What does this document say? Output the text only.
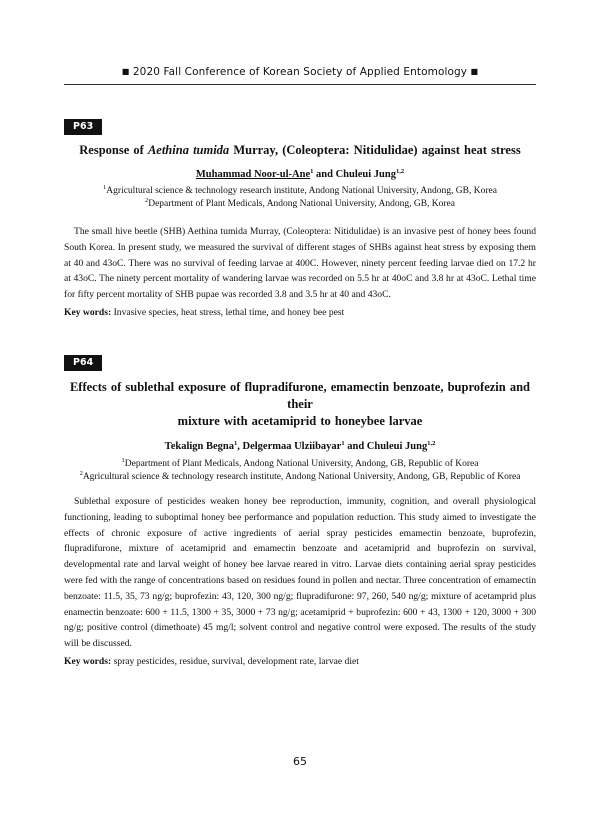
■ 2020 Fall Conference of Korean Society of Applied Entomology ■
P63
Response of Aethina tumida Murray, (Coleoptera: Nitidulidae) against heat stress
Muhammad Noor-ul-Ane$^1$ and Chuleui Jung$^{1,2}$
$^1$Agricultural science & technology research institute, Andong National University, Andong, GB, Korea
$^2$Department of Plant Medicals, Andong National University, Andong, GB, Korea
The small hive beetle (SHB) Aethina tumida Murray, (Coleoptera: Nitidulidae) is an invasive pest of honey bees found South Korea. In present study, we measured the survival of different stages of SHBs against heat stress by exposing them at 40 and 43oC. There was no survival of feeding larvae at 400C. However, ninety percent feeding larvae died on 17.2 hr at 43oC. The ninety percent mortality of wandering larvae was recorded on 5.5 hr at 40oC and 3.8 hr at 43oC. Lethal time for fifty percent mortality of SHB pupae was recorded 3.8 and 3.5 hr at 40 and 43oC.
Key words: Invasive species, heat stress, lethal time, and honey bee pest
P64
Effects of sublethal exposure of flupradifurone, emamectin benzoate, buprofezin and their
mixture with acetamiprid to honeybee larvae
Tekalign Begna$^1$, Delgermaa Ulziibayar$^1$ and Chuleui Jung$^{1,2}$
$^1$Department of Plant Medicals, Andong National University, Andong, GB, Republic of Korea
$^2$Agricultural science & technology research institute, Andong National University, Andong, GB, Republic of Korea
Sublethal exposure of pesticides weaken honey bee reproduction, immunity, cognition, and overall physiological functioning, leading to suboptimal honey bee performance and population reduction. This study aimed to investigate the effects of chronic exposure of active ingredients of aerial spray pesticides emamectin benzoate, buprofezin, flupradifurone, mixture of acetamiprid and emamectin benzoate and acetamiprid and buprofezin on survival, developmental rate and larval weight of honey bee larvae reared in vitro. Larvae diets containing aerial spray pesticides were fed with the range of concentrations based on residues found in pollen and nectar. Three concentration of emamectin benzoate: 11.5, 35, 73 ng/g; buprofezin: 43, 120, 300 ng/g; flupradifurone: 97, 260, 540 ng/g; mixture of acetamprid plus enamectin benzoate: 600 + 11.5, 1300 + 35, 3000 + 73 ng/g; acetamiprid + buprofezin: 600 + 43, 1300 + 120, 3000 + 300 ng/g; positive control (dimethoate) 45 mg/l; solvent control and negative control were exposed. The results of the study will be discussed.
Key words: spray pesticides, residue, survival, development rate, larvae diet
65
